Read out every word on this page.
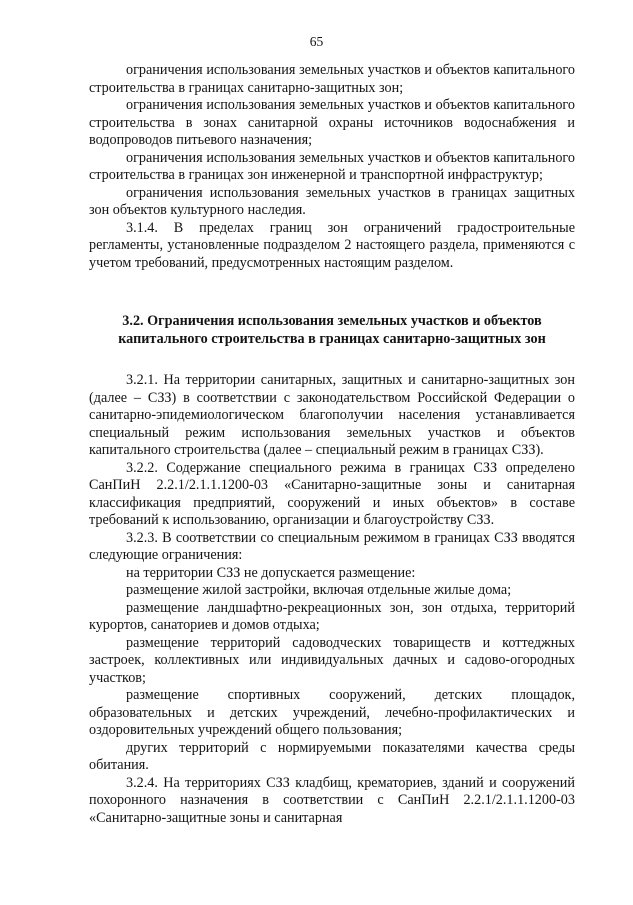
65

ограничения использования земельных участков и объектов капитального строительства в границах санитарно-защитных зон;

ограничения использования земельных участков и объектов капитального строительства в зонах санитарной охраны источников водоснабжения и водопроводов питьевого назначения;

ограничения использования земельных участков и объектов капитального строительства в границах зон инженерной и транспортной инфраструктур;

ограничения использования земельных участков в границах защитных зон объектов культурного наследия.

3.1.4. В пределах границ зон ограничений градостроительные регламенты, установленные подразделом 2 настоящего раздела, применяются с учетом требований, предусмотренных настоящим разделом.

3.2. Ограничения использования земельных участков и объектов капитального строительства в границах санитарно-защитных зон

3.2.1. На территории санитарных, защитных и санитарно-защитных зон (далее – СЗЗ) в соответствии с законодательством Российской Федерации о санитарно-эпидемиологическом благополучии населения устанавливается специальный режим использования земельных участков и объектов капитального строительства (далее – специальный режим в границах СЗЗ).

3.2.2. Содержание специального режима в границах СЗЗ определено СанПиН 2.2.1/2.1.1.1200-03 «Санитарно-защитные зоны и санитарная классификация предприятий, сооружений и иных объектов» в составе требований к использованию, организации и благоустройству СЗЗ.

3.2.3. В соответствии со специальным режимом в границах СЗЗ вводятся следующие ограничения:

на территории СЗЗ не допускается размещение:

размещение жилой застройки, включая отдельные жилые дома;

размещение ландшафтно-рекреационных зон, зон отдыха, территорий курортов, санаториев и домов отдыха;

размещение территорий садоводческих товариществ и коттеджных застроек, коллективных или индивидуальных дачных и садово-огородных участков;

размещение спортивных сооружений, детских площадок, образовательных и детских учреждений, лечебно-профилактических и оздоровительных учреждений общего пользования;

других территорий с нормируемыми показателями качества среды обитания.

3.2.4. На территориях СЗЗ кладбищ, крематориев, зданий и сооружений похоронного назначения в соответствии с СанПиН 2.2.1/2.1.1.1200-03 «Санитарно-защитные зоны и санитарная
